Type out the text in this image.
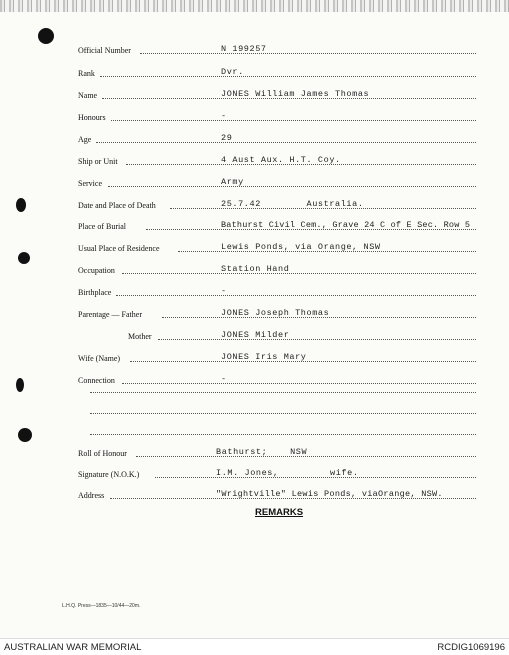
Official Number	N 199257
Rank	Dvr.
Name	JONES William James Thomas
Honours	-
Age	29
Ship or Unit	4 Aust Aux. H.T. Coy.
Service	Army
Date and Place of Death	25.7.42        Australia.
Place of Burial	Bathurst Civil Cem., Grave 24 C of E Sec. Row 5
Usual Place of Residence	Lewis Ponds, via Orange, NSW
Occupation	Station Hand
Birthplace	-
Parentage — Father	JONES Joseph Thomas
Mother	JONES Milder
Wife (Name)	JONES Iris Mary
Connection	-
Roll of Honour	Bathurst;    NSW
Signature (N.O.K.)	I.M. Jones,         wife.
Address	"Wrightville" Lewis Ponds, viaOrange, NSW.
REMARKS
L.H.Q. Press—1835—10/44—20m.
AUSTRALIAN WAR MEMORIAL	RCDIG1069196
